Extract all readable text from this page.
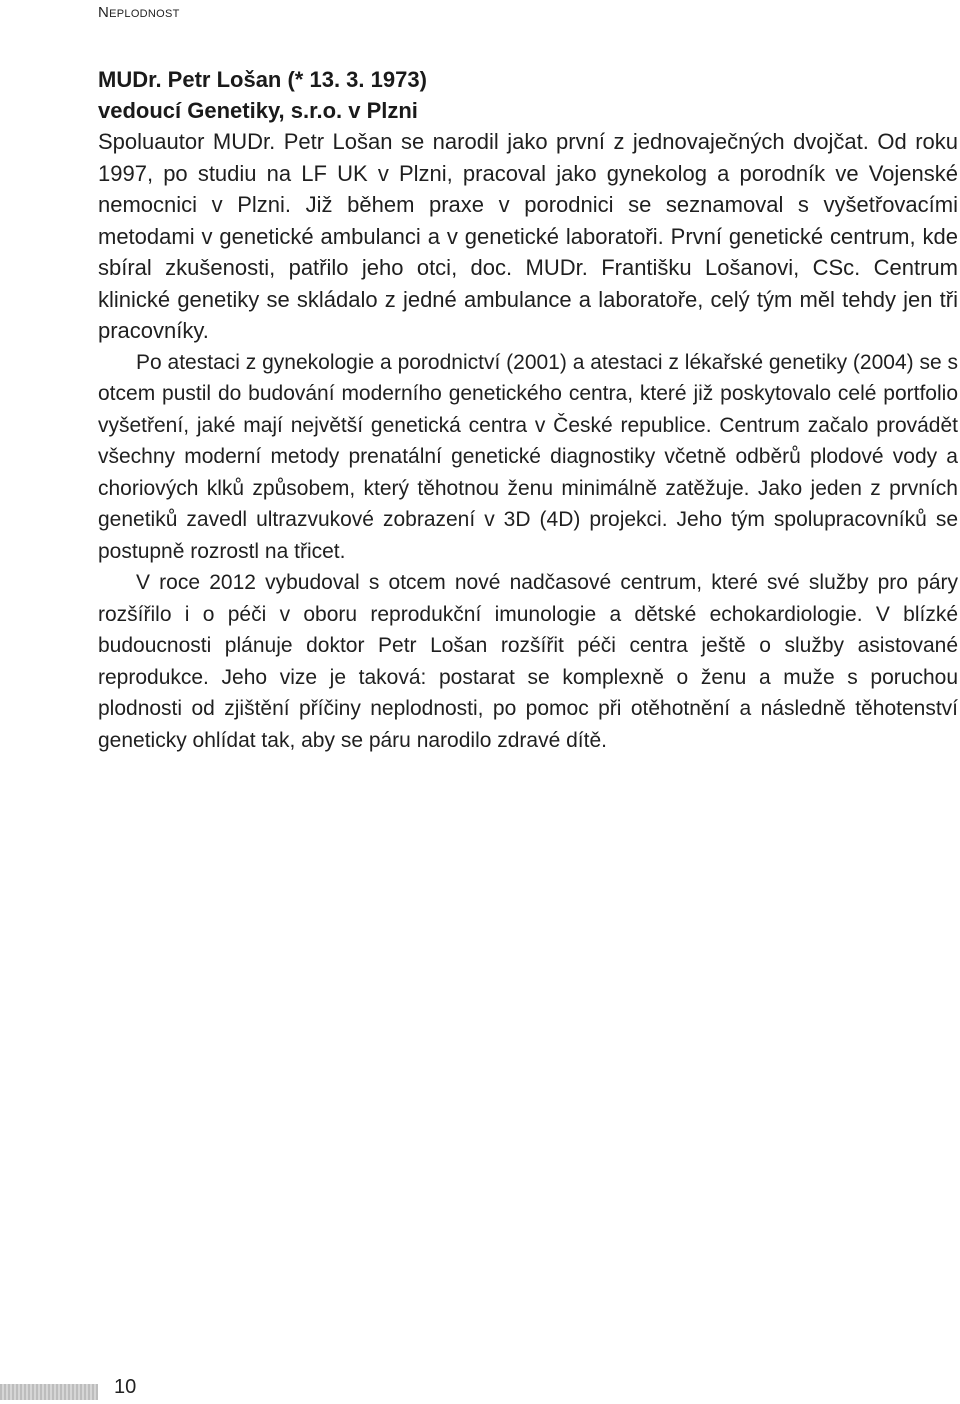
Neplodnost

MUDr. Petr Lošan (* 13. 3. 1973)

vedoucí Genetiky, s.r.o. v Plzni

Spoluautor MUDr. Petr Lošan se narodil jako první z jednovaječných dvojčat. Od roku 1997, po studiu na LF UK v Plzni, pracoval jako gynekolog a porodník ve Vojenské nemocnici v Plzni. Již během praxe v porodnici se seznamoval s vyšetřovacími metodami v genetické ambulanci a v genetické laboratoři. První genetické centrum, kde sbíral zkušenosti, patřilo jeho otci, doc. MUDr. Františku Lošanovi, CSc. Centrum klinické genetiky se skládalo z jedné ambulance a laboratoře, celý tým měl tehdy jen tři pracovníky.

Po atestaci z gynekologie a porodnictví (2001) a atestaci z lékařské genetiky (2004) se s otcem pustil do budování moderního genetického centra, které již poskytovalo celé portfolio vyšetření, jaké mají největší genetická centra v České republice. Centrum začalo provádět všechny moderní metody prenatální genetické diagnostiky včetně odběrů plodové vody a choriových klků způsobem, který těhotnou ženu minimálně zatěžuje. Jako jeden z prvních genetiků zavedl ultrazvukové zobrazení v 3D (4D) projekci. Jeho tým spolupracovníků se postupně rozrostl na třicet.

V roce 2012 vybudoval s otcem nové nadčasové centrum, které své služby pro páry rozšířilo i o péči v oboru reprodukční imunologie a dětské echokardiologie. V blízké budoucnosti plánuje doktor Petr Lošan rozšířit péči centra ještě o služby asistované reprodukce. Jeho vize je taková: postarat se komplexně o ženu a muže s poruchou plodnosti od zjištění příčiny neplodnosti, po pomoc při otěhotnění a následně těhotenství geneticky ohlídat tak, aby se páru narodilo zdravé dítě.

10
